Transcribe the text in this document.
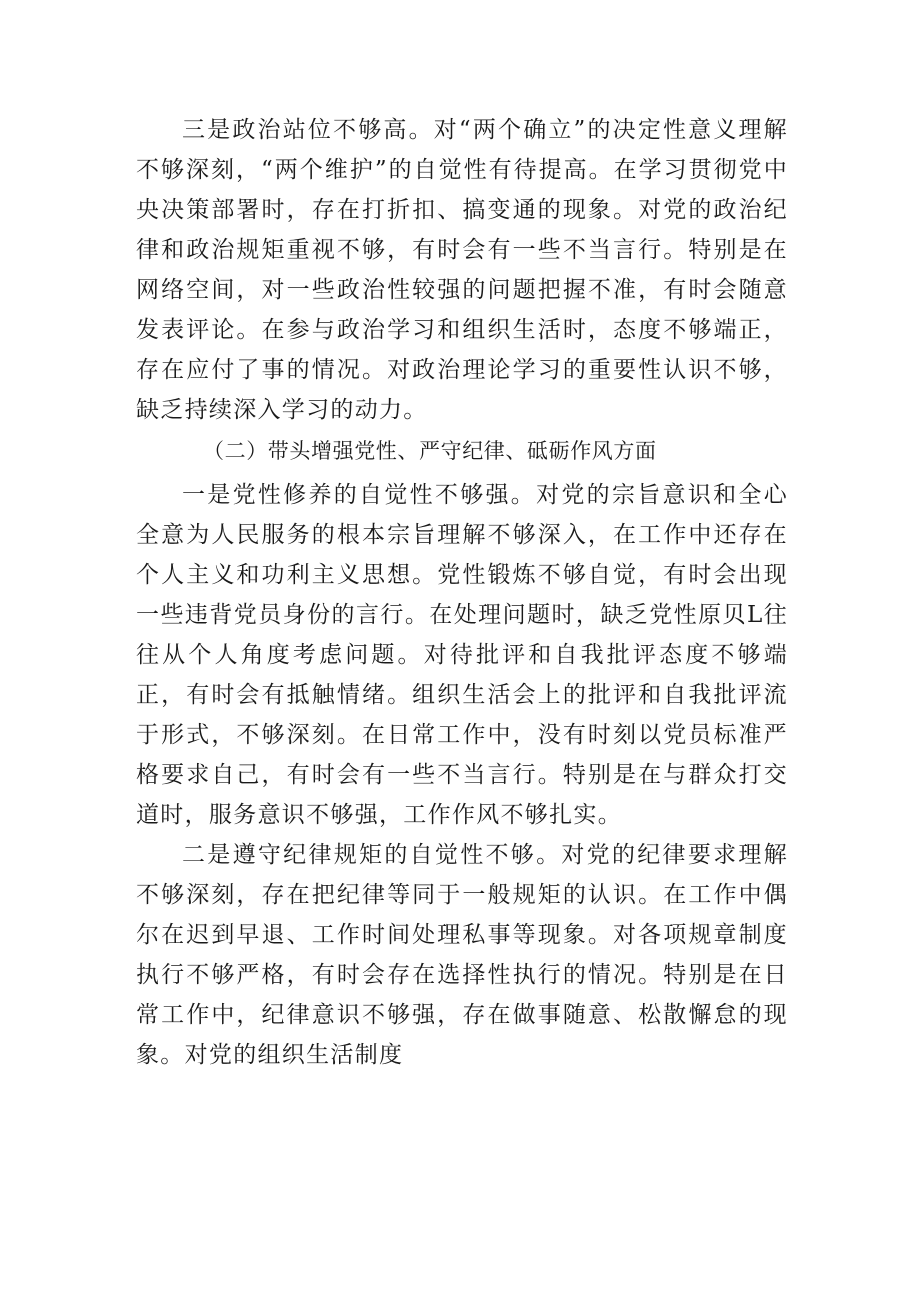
三是政治站位不够高。对“两个确立”的决定性意义理解不够深刻，“两个维护”的自觉性有待提高。在学习贯彻党中央决策部署时，存在打折扣、搞变通的现象。对党的政治纪律和政治规矩重视不够，有时会有一些不当言行。特别是在网络空间，对一些政治性较强的问题把握不准，有时会随意发表评论。在参与政治学习和组织生活时，态度不够端正，存在应付了事的情况。对政治理论学习的重要性认识不够，缺乏持续深入学习的动力。

（二）带头增强党性、严守纪律、砥砺作风方面

一是党性修养的自觉性不够强。对党的宗旨意识和全心全意为人民服务的根本宗旨理解不够深入，在工作中还存在个人主义和功利主义思想。党性锻炼不够自觉，有时会出现一些违背党员身份的言行。在处理问题时，缺乏党性原贝L往往从个人角度考虑问题。对待批评和自我批评态度不够端正，有时会有抵触情绪。组织生活会上的批评和自我批评流于形式，不够深刻。在日常工作中，没有时刻以党员标准严格要求自己，有时会有一些不当言行。特别是在与群众打交道时，服务意识不够强，工作作风不够扎实。

二是遵守纪律规矩的自觉性不够。对党的纪律要求理解不够深刻，存在把纪律等同于一般规矩的认识。在工作中偶尔在迟到早退、工作时间处理私事等现象。对各项规章制度执行不够严格，有时会存在选择性执行的情况。特别是在日常工作中，纪律意识不够强，存在做事随意、松散懈怠的现象。对党的组织生活制度
